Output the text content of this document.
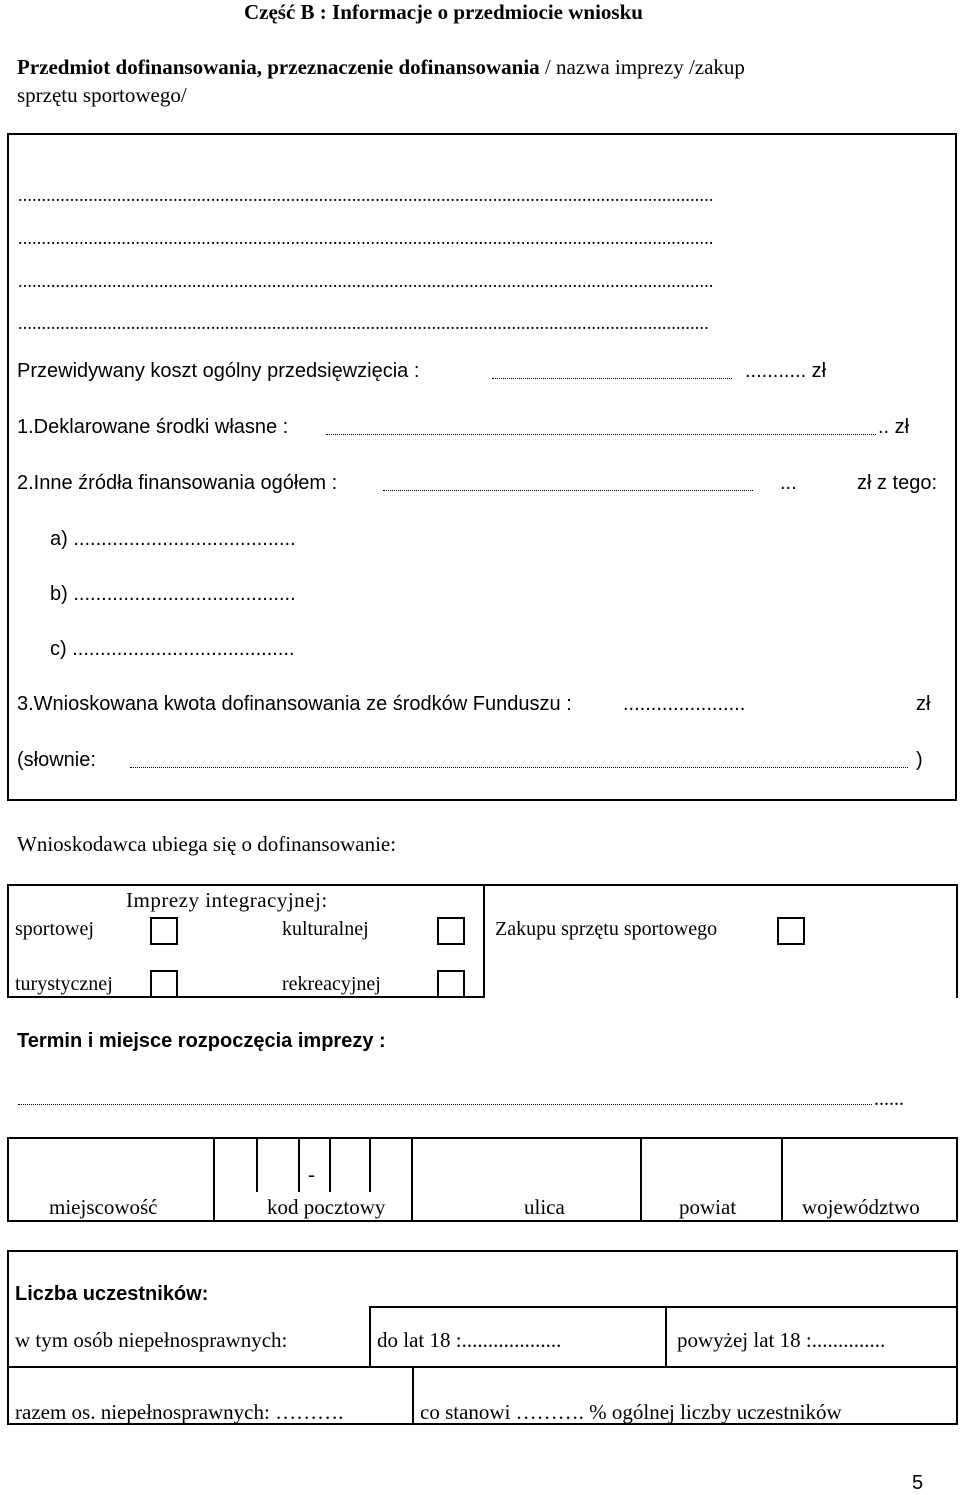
Część B : Informacje o przedmiocie wniosku
Przedmiot dofinansowania, przeznaczenie dofinansowania / nazwa imprezy /zakup
sprzętu sportowego/
....................................................................................................................................................
....................................................................................................................................................
....................................................................................................................................................
...................................................................................................................................................
Przewidywany koszt ogólny przedsięwzięcia :	........... zł
1.Deklarowane środki własne :	.. zł
2.Inne źródła finansowania ogółem :	...	zł z tego:
a) ........................................
b) ........................................
c) ........................................
3.Wnioskowana kwota dofinansowania ze środków Funduszu :	......................	zł
(słownie:	)
Wnioskodawca ubiega się o dofinansowanie:
Imprezy integracyjnej:
sportowej	kulturalnej	Zakupu sprzętu sportowego
turystycznej	rekreacyjnej
Termin i miejsce rozpoczęcia imprezy :
......
-
miejscowość	kod pocztowy	ulica	powiat	województwo
Liczba uczestników:
w tym osób niepełnosprawnych:	do lat 18 :...................	powyżej lat 18 :..............
razem os. niepełnosprawnych: ……….	co stanowi ………. % ogólnej liczby uczestników
5
